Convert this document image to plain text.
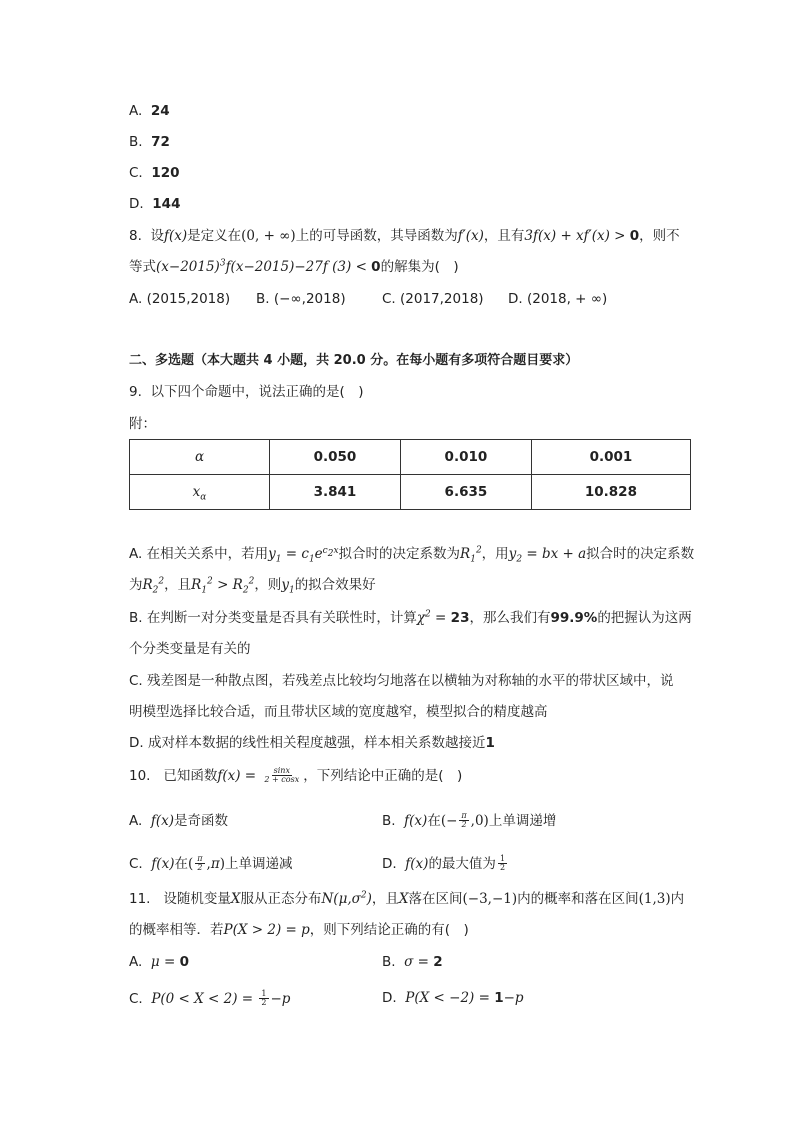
A. 24
B. 72
C. 120
D. 144
8. 设f(x)是定义在(0, + ∞)上的可导函数，其导函数为f′(x)，且有3f(x) + xf′(x) > 0，则不
等式$(x-2015)^3f(x-2015)-27f$ (3) < 0的解集为(　)
A. (2015,2018) B. (−∞,2018)	C. (2017,2018) D. (2018, + ∞)
二、多选题（本大题共 4 小题，共 20.0 分。在每小题有多项符合题目要求）
9. 以下四个命题中，说法正确的是(　)
附：
α	0.050	0.010	0.001
$x_\alpha$	3.841	6.635	10.828
A. 在相关关系中，若用$y_1 = c_1e^{c_2x}$拟合时的决定系数为$R_1^2$，用$y_2$ = bx + a拟合时的决定系数
为$R_2^2$，且$R_1^2 > R_2^2$，则$y_1$的拟合效果好
B. 在判断一对分类变量是否具有关联性时，计算$\chi^2 = 23$，那么我们有99.9%的把握认为这两
个分类变量是有关的
C. 残差图是一种散点图，若残差点比较均匀地落在以横轴为对称轴的水平的带状区域中，说
明模型选择比较合适，而且带状区域的宽度越窄，模型拟合的精度越高
D. 成对样本数据的线性相关程度越强，样本相关系数越接近1
10. 已知函数$f(x) = \frac{\sin x}{2 + \cos x}$ ，下列结论中正确的是(　)
A. f(x)是奇函数	B. f(x)在(− $\frac{\pi}{2} ,0$)上单调递增
C. f(x)在( $\frac{\pi}{2} ,\pi$)上单调递减	D. f(x)的最大值为 $\frac{1}{2}$
11. 设随机变量X服从正态分布$N(\mu,\sigma^2)$，且X落在区间(−3,−1)内的概率和落在区间(1,3)内
的概率相等．若P(X > 2) = p，则下列结论正确的有(　)
A. μ = 0	B. σ = 2
C. $P(0 < X < 2) = \frac{1}{2} -p$	D. P(X < −2) = 1−p
